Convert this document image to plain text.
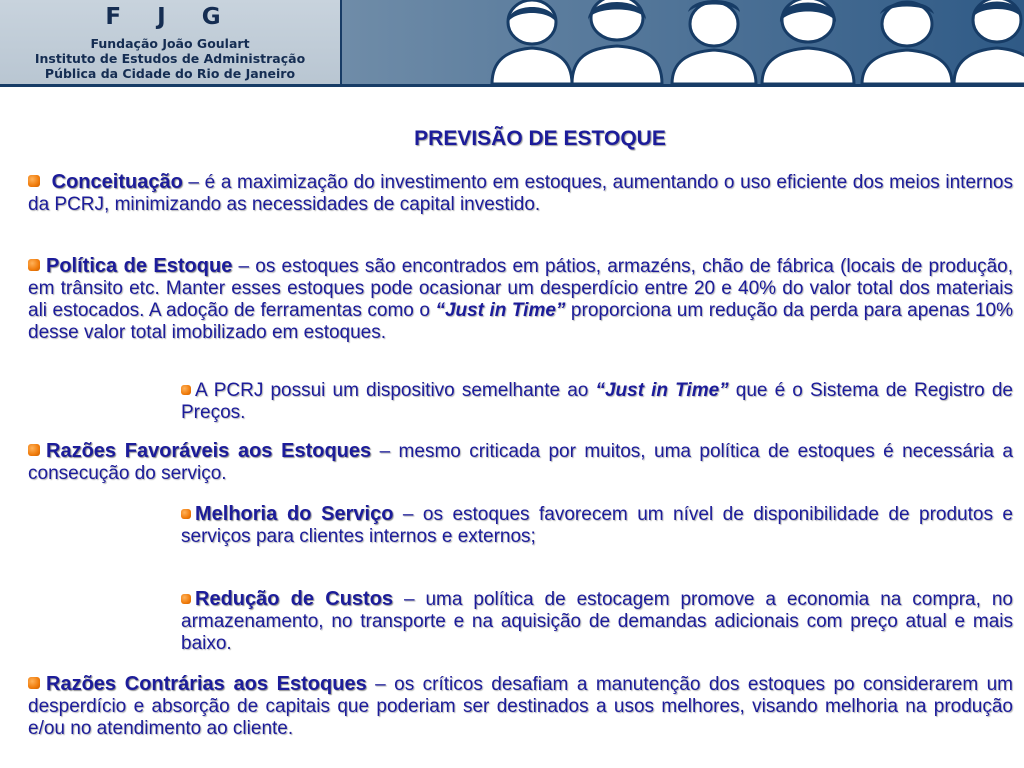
F J G
Fundação João Goulart
Instituto de Estudos de Administração
Pública da Cidade do Rio de Janeiro
PREVISÃO DE ESTOQUE
Conceituação – é a maximização do investimento em estoques, aumentando o uso eficiente dos meios internos da PCRJ, minimizando as necessidades de capital investido.
Política de Estoque – os estoques são encontrados em pátios, armazéns, chão de fábrica (locais de produção, em trânsito etc. Manter esses estoques pode ocasionar um desperdício entre 20 e 40% do valor total dos materiais ali estocados. A adoção de ferramentas como o “Just in Time” proporciona um redução da perda para apenas 10% desse valor total imobilizado em estoques.
A PCRJ possui um dispositivo semelhante ao “Just in Time” que é o Sistema de Registro de Preços.
Razões Favoráveis aos Estoques – mesmo criticada por muitos, uma política de estoques é necessária a consecução do serviço.
Melhoria do Serviço – os estoques favorecem um nível de disponibilidade de produtos e serviços para clientes internos e externos;
Redução de Custos – uma política de estocagem promove a economia na compra, no armazenamento, no transporte e na aquisição de demandas adicionais com preço atual e mais baixo.
Razões Contrárias aos Estoques – os críticos desafiam a manutenção dos estoques po considerarem um desperdício e absorção de capitais que poderiam ser destinados a usos melhores, visando melhoria na produção e/ou no atendimento ao cliente.
